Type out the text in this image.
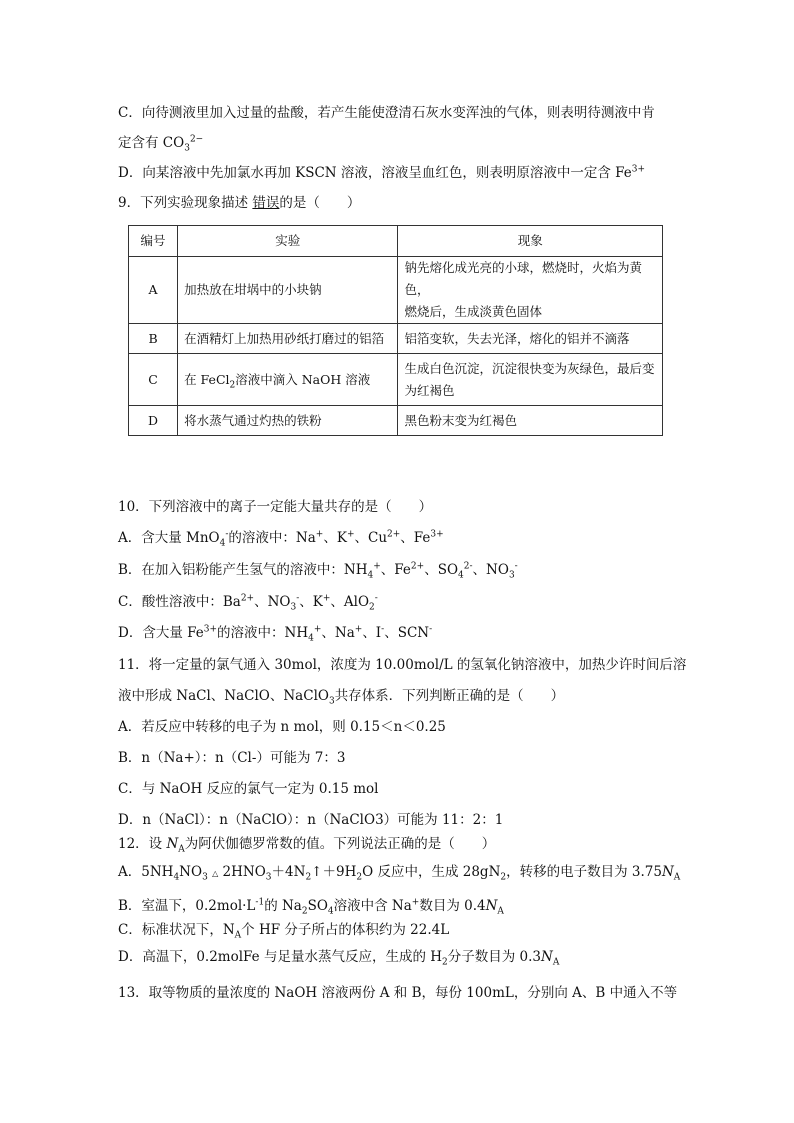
C．向待测液里加入过量的盐酸，若产生能使澄清石灰水变浑浊的气体，则表明待测液中肯
定含有 $CO_3^{2-}$
D．向某溶液中先加氯水再加 KSCN 溶液，溶液呈血红色，则表明原溶液中一定含 $Fe^{3+}$
9．下列实验现象描述 错误的是（　　）
编号	实验	现象
A	加热放在坩埚中的小块钠	钠先熔化成光亮的小球，燃烧时，火焰为黄色，
燃烧后，生成淡黄色固体

B	在酒精灯上加热用砂纸打磨过的铝箔	铝箔变软，失去光泽，熔化的铝并不滴落
C	在 FeCl$_2$溶液中滴入 NaOH 溶液	生成白色沉淀，沉淀很快变为灰绿色，最后变
为红褐色

D	将水蒸气通过灼热的铁粉	黑色粉末变为红褐色
10．下列溶液中的离子一定能大量共存的是（　　）
A．含大量 MnO$_4$-的溶液中：Na+、K+、$Cu^{2+}$、$Fe^{3+}$
B．在加入铝粉能产生氢气的溶液中：$NH_4^+$、$Fe^{2+}$、$SO_4^{2-}$、$NO_3^-$
C．酸性溶液中：$Ba^{2+}$、$NO_3^-$、K+、AlO$_2$-
D．含大量 $Fe^{3+}$的溶液中：$NH_4^+$、Na+、I-、SCN-
11．将一定量的氯气通入 30mol，浓度为 10.00mol/L 的氢氧化钠溶液中，加热少许时间后溶
液中形成 NaCl、NaClO、NaClO$_3$共存体系．下列判断正确的是（　　）
A．若反应中转移的电子为 n mol，则 0.15＜n＜0.25
B．n（Na+）：n（Cl-）可能为 7：3
C．与 NaOH 反应的氯气一定为 0.15 mol
D．n（NaCl）：n（NaClO）：n（NaClO3）可能为 11：2：1
12．设 $N_A$为阿伏伽德罗常数的值。下列说法正确的是（　　）
A．$5NH_4NO_3$ △ $2HNO_3+4N_2↑+9H_2O$ 反应中，生成 $28gN_2$，转移的电子数目为 $3.75N_A$
B．室温下，$0.2mol\cdot L^{-1}$的 $Na_2SO_4$溶液中含 Na+数目为 $0.4N_A$
C．标准状况下，$N_A$个 HF 分子所占的体积约为 22.4L
D．高温下，0.2molFe 与足量水蒸气反应，生成的 $H_2$分子数目为 $0.3N_A$
13．取等物质的量浓度的 NaOH 溶液两份 A 和 B，每份 100mL，分别向 A、B 中通入不等
